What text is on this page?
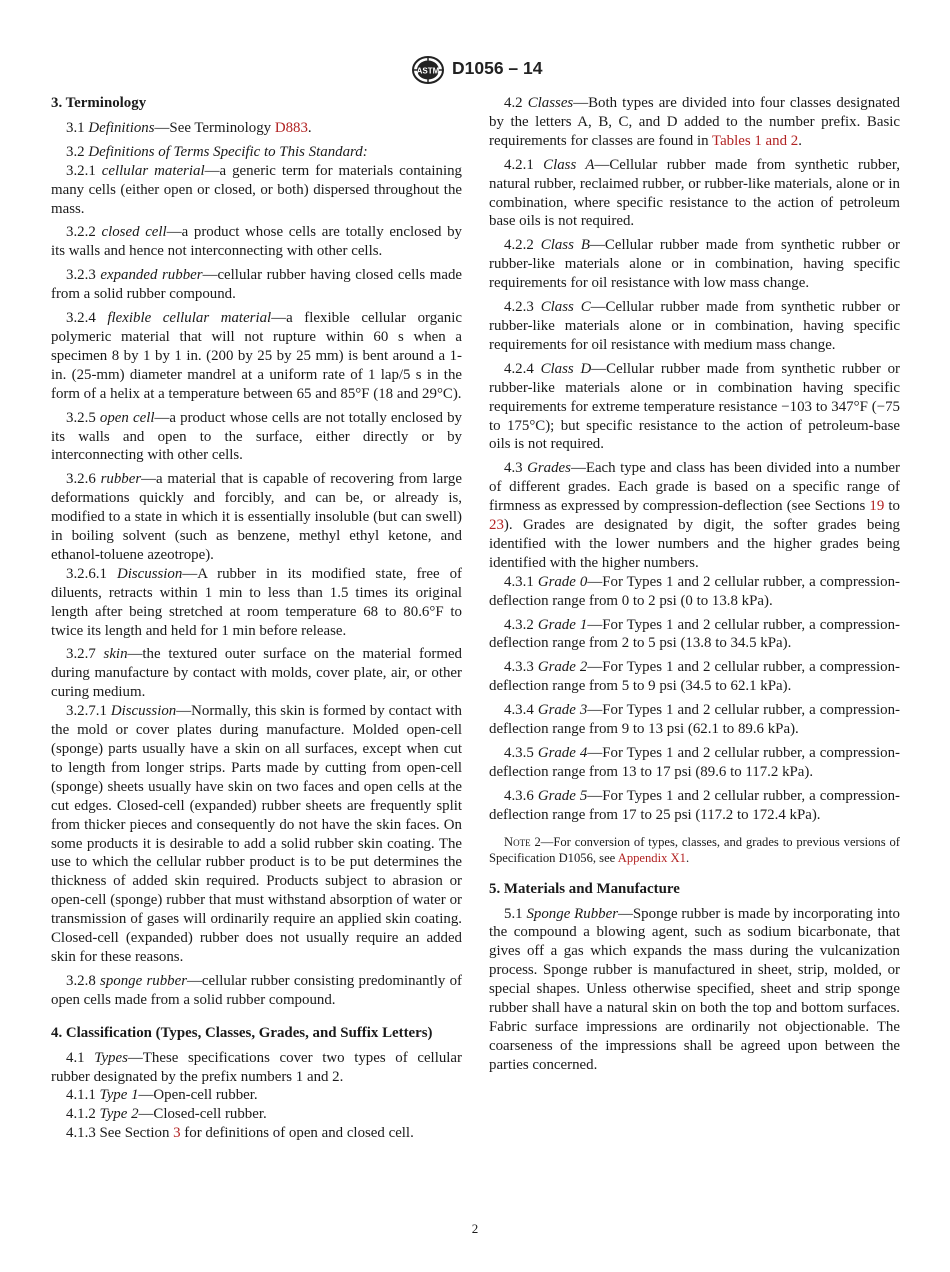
ASTM D1056 – 14
3. Terminology

3.1 Definitions—See Terminology D883.

3.2 Definitions of Terms Specific to This Standard:

3.2.1 cellular material—a generic term for materials containing many cells (either open or closed, or both) dispersed throughout the mass.

3.2.2 closed cell—a product whose cells are totally enclosed by its walls and hence not interconnecting with other cells.

3.2.3 expanded rubber—cellular rubber having closed cells made from a solid rubber compound.

3.2.4 flexible cellular material—a flexible cellular organic polymeric material that will not rupture within 60 s when a specimen 8 by 1 by 1 in. (200 by 25 by 25 mm) is bent around a 1-in. (25-mm) diameter mandrel at a uniform rate of 1 lap/5 s in the form of a helix at a temperature between 65 and 85°F (18 and 29°C).

3.2.5 open cell—a product whose cells are not totally enclosed by its walls and open to the surface, either directly or by interconnecting with other cells.

3.2.6 rubber—a material that is capable of recovering from large deformations quickly and forcibly, and can be, or already is, modified to a state in which it is essentially insoluble (but can swell) in boiling solvent (such as benzene, methyl ethyl ketone, and ethanol-toluene azeotrope).

3.2.6.1 Discussion—A rubber in its modified state, free of diluents, retracts within 1 min to less than 1.5 times its original length after being stretched at room temperature 68 to 80.6°F to twice its length and held for 1 min before release.

3.2.7 skin—the textured outer surface on the material formed during manufacture by contact with molds, cover plate, air, or other curing medium.

3.2.7.1 Discussion—Normally, this skin is formed by contact with the mold or cover plates during manufacture. Molded open-cell (sponge) parts usually have a skin on all surfaces, except when cut to length from longer strips. Parts made by cutting from open-cell (sponge) sheets usually have skin on two faces and open cells at the cut edges. Closed-cell (expanded) rubber sheets are frequently split from thicker pieces and consequently do not have the skin faces. On some products it is desirable to add a solid rubber skin coating. The use to which the cellular rubber product is to be put determines the thickness of added skin required. Products subject to abrasion or open-cell (sponge) rubber that must withstand absorption of water or transmission of gases will ordinarily require an applied skin coating. Closed-cell (expanded) rubber does not usually require an added skin for these reasons.

3.2.8 sponge rubber—cellular rubber consisting predominantly of open cells made from a solid rubber compound.

4. Classification (Types, Classes, Grades, and Suffix Letters)

4.1 Types—These specifications cover two types of cellular rubber designated by the prefix numbers 1 and 2.

4.1.1 Type 1—Open-cell rubber.

4.1.2 Type 2—Closed-cell rubber.

4.1.3 See Section 3 for definitions of open and closed cell.

4.2 Classes—Both types are divided into four classes designated by the letters A, B, C, and D added to the number prefix. Basic requirements for classes are found in Tables 1 and 2.

4.2.1 Class A—Cellular rubber made from synthetic rubber, natural rubber, reclaimed rubber, or rubber-like materials, alone or in combination, where specific resistance to the action of petroleum base oils is not required.

4.2.2 Class B—Cellular rubber made from synthetic rubber or rubber-like materials alone or in combination, having specific requirements for oil resistance with low mass change.

4.2.3 Class C—Cellular rubber made from synthetic rubber or rubber-like materials alone or in combination, having specific requirements for oil resistance with medium mass change.

4.2.4 Class D—Cellular rubber made from synthetic rubber or rubber-like materials alone or in combination having specific requirements for extreme temperature resistance −103 to 347°F (−75 to 175°C); but specific resistance to the action of petroleum-base oils is not required.

4.3 Grades—Each type and class has been divided into a number of different grades. Each grade is based on a specific range of firmness as expressed by compression-deflection (see Sections 19 to 23). Grades are designated by digit, the softer grades being identified with the lower numbers and the higher grades being identified with the higher numbers.

4.3.1 Grade 0—For Types 1 and 2 cellular rubber, a compression-deflection range from 0 to 2 psi (0 to 13.8 kPa).

4.3.2 Grade 1—For Types 1 and 2 cellular rubber, a compression-deflection range from 2 to 5 psi (13.8 to 34.5 kPa).

4.3.3 Grade 2—For Types 1 and 2 cellular rubber, a compression-deflection range from 5 to 9 psi (34.5 to 62.1 kPa).

4.3.4 Grade 3—For Types 1 and 2 cellular rubber, a compression-deflection range from 9 to 13 psi (62.1 to 89.6 kPa).

4.3.5 Grade 4—For Types 1 and 2 cellular rubber, a compression-deflection range from 13 to 17 psi (89.6 to 117.2 kPa).

4.3.6 Grade 5—For Types 1 and 2 cellular rubber, a compression-deflection range from 17 to 25 psi (117.2 to 172.4 kPa).

Note 2—For conversion of types, classes, and grades to previous versions of Specification D1056, see Appendix X1.

5. Materials and Manufacture

5.1 Sponge Rubber—Sponge rubber is made by incorporating into the compound a blowing agent, such as sodium bicarbonate, that gives off a gas which expands the mass during the vulcanization process. Sponge rubber is manufactured in sheet, strip, molded, or special shapes. Unless otherwise specified, sheet and strip sponge rubber shall have a natural skin on both the top and bottom surfaces. Fabric surface impressions are ordinarily not objectionable. The coarseness of the impressions shall be agreed upon between the parties concerned.

2
